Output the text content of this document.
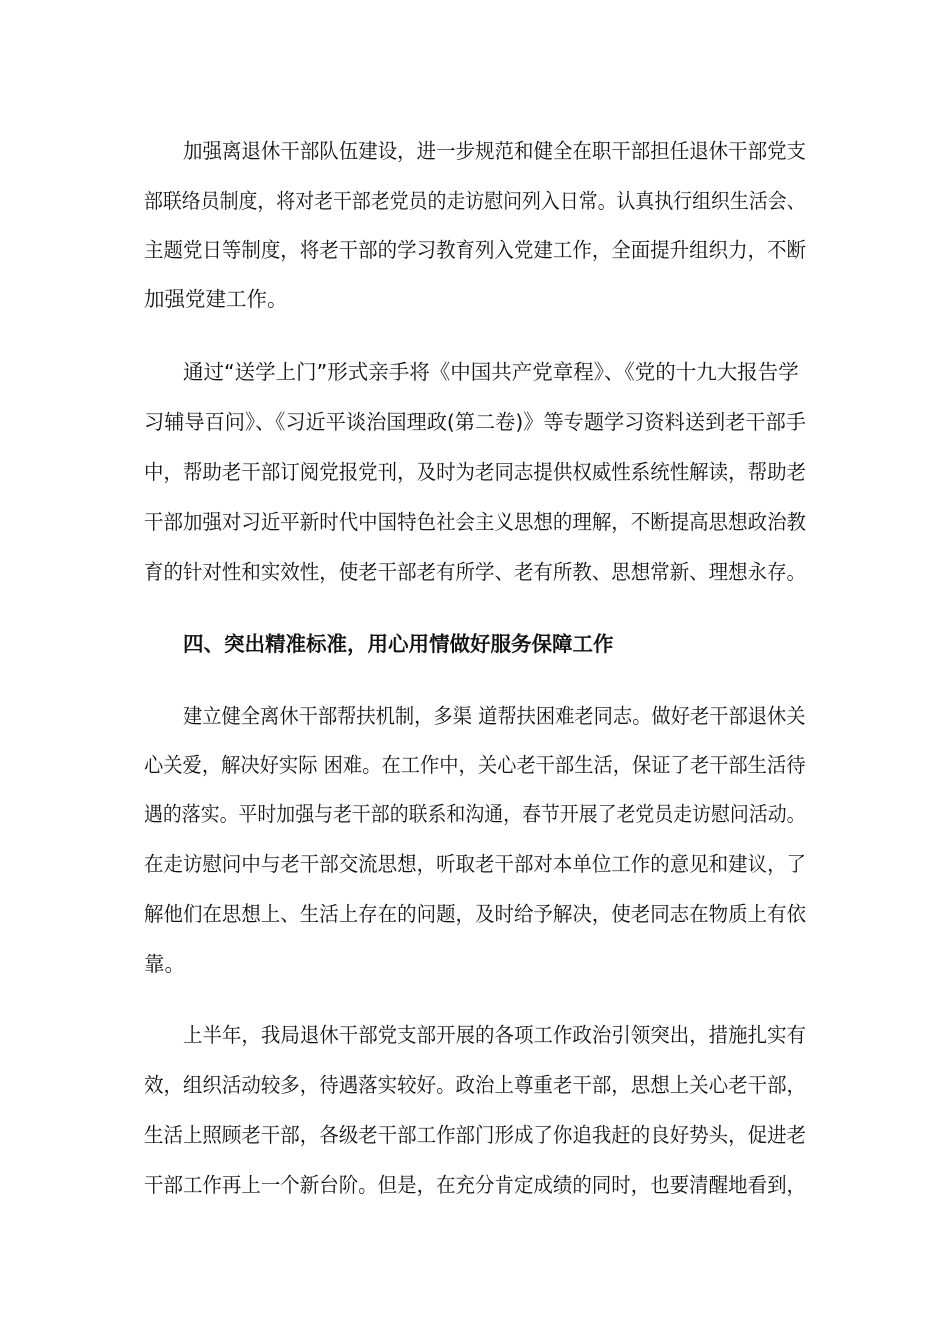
加强离退休干部队伍建设，进一步规范和健全在职干部担任退休干部党支
部联络员制度，将对老干部老党员的走访慰问列入日常。认真执行组织生活会、
主题党日等制度，将老干部的学习教育列入党建工作，全面提升组织力，不断
加强党建工作。
通过“送学上门”形式亲手将《中国共产党章程》、《党的十九大报告学
习辅导百问》、《习近平谈治国理政(第二卷)》等专题学习资料送到老干部手
中，帮助老干部订阅党报党刊，及时为老同志提供权威性系统性解读，帮助老
干部加强对习近平新时代中国特色社会主义思想的理解，不断提高思想政治教
育的针对性和实效性，使老干部老有所学、老有所教、思想常新、理想永存。
四、突出精准标准，用心用情做好服务保障工作
建立健全离休干部帮扶机制，多渠 道帮扶困难老同志。做好老干部退休关
心关爱，解决好实际 困难。在工作中，关心老干部生活，保证了老干部生活待
遇的落实。平时加强与老干部的联系和沟通，春节开展了老党员走访慰问活动。
在走访慰问中与老干部交流思想，听取老干部对本单位工作的意见和建议，了
解他们在思想上、生活上存在的问题，及时给予解决，使老同志在物质上有依
靠。
上半年，我局退休干部党支部开展的各项工作政治引领突出，措施扎实有
效，组织活动较多，待遇落实较好。政治上尊重老干部，思想上关心老干部，
生活上照顾老干部，各级老干部工作部门形成了你追我赶的良好势头，促进老
干部工作再上一个新台阶。但是，在充分肯定成绩的同时，也要清醒地看到，
